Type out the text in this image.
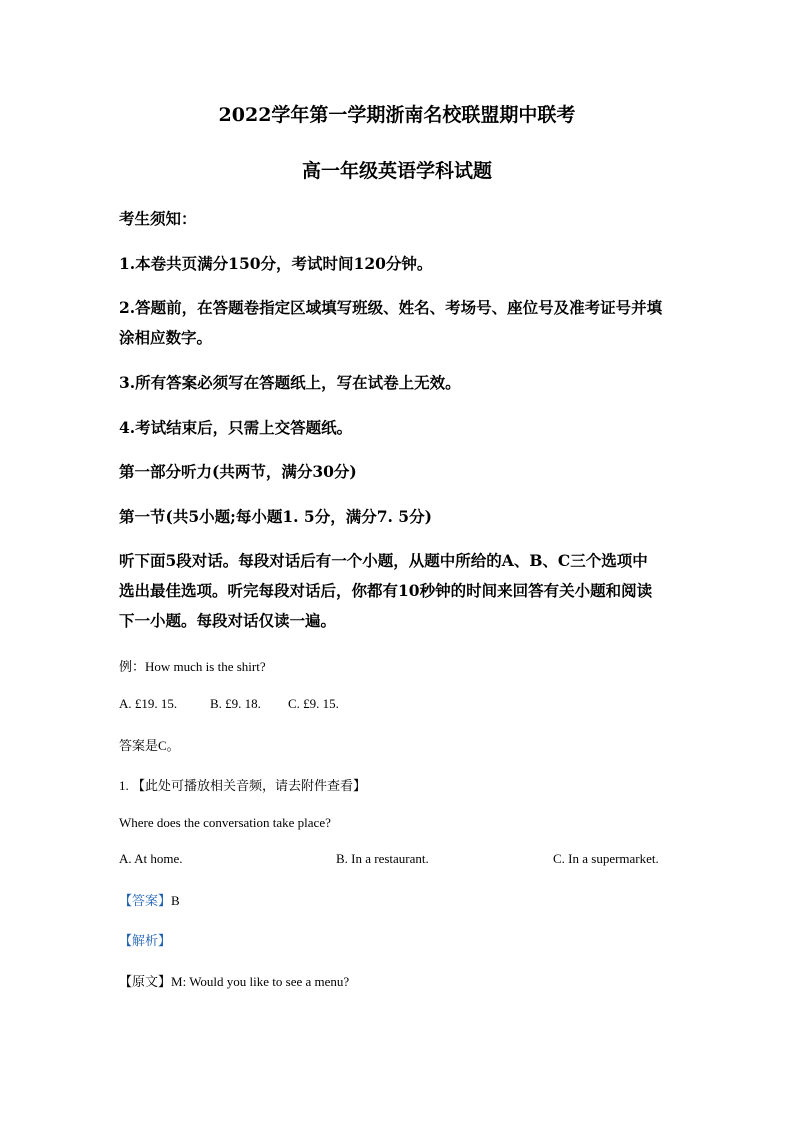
2022学年第一学期浙南名校联盟期中联考
高一年级英语学科试题
考生须知：
1.本卷共页满分150分，考试时间120分钟。
2.答题前，在答题卷指定区域填写班级、姓名、考场号、座位号及准考证号并填
涂相应数字。
3.所有答案必须写在答题纸上，写在试卷上无效。
4.考试结束后，只需上交答题纸。
第一部分听力(共两节，满分30分)
第一节(共5小题;每小题1. 5分，满分7. 5分)
听下面5段对话。每段对话后有一个小题，从题中所给的A、B、C三个选项中
选出最佳选项。听完每段对话后，你都有10秒钟的时间来回答有关小题和阅读
下一小题。每段对话仅读一遍。
例：How much is the shirt?
A. £19. 15.	B. £9. 18. C. £9. 15.
答案是C。
1. 【此处可播放相关音频，请去附件查看】
Where does the conversation take place?
A. At home.	B. In a restaurant.	C. In a supermarket.
【答案】B
【解析】
【原文】M: Would you like to see a menu?
